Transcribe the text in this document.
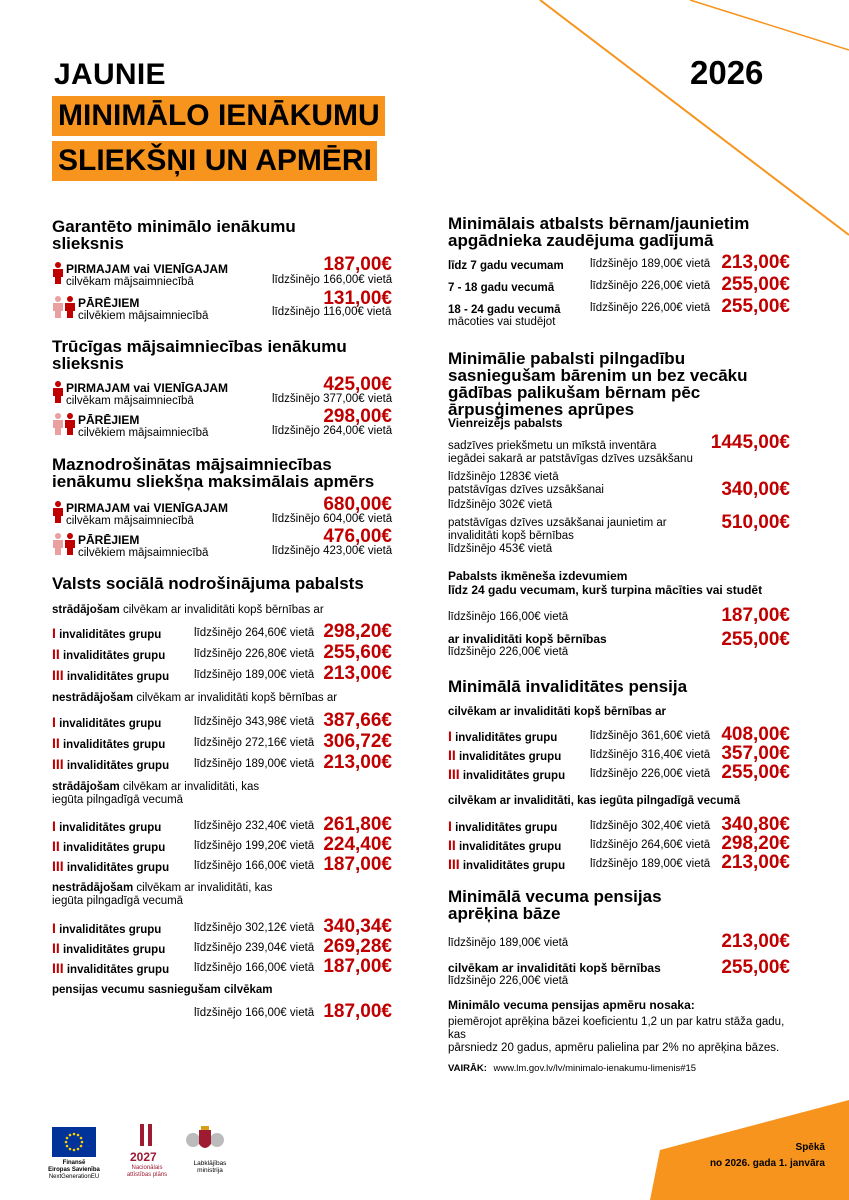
JAUNIE
MINIMĀLO IENĀKUMU
SLIEKŠŅI UN APMĒRI
2026
Garantēto minimālo ienākumu
slieksnis
PIRMAJAM vai VIENĪGAJAM
cilvēkam mājsaimniecībā
187,00€
līdzšinējo 166,00€ vietā
PĀRĒJIEM
cilvēkiem mājsaimniecībā
131,00€
līdzšinējo 116,00€ vietā
Trūcīgas mājsaimniecības ienākumu
slieksnis
PIRMAJAM vai VIENĪGAJAM
cilvēkam mājsaimniecībā
425,00€
līdzšinējo 377,00€ vietā
PĀRĒJIEM
cilvēkiem mājsaimniecībā
298,00€
līdzšinējo 264,00€ vietā
Maznodrošinātas mājsaimniecības
ienākumu sliekšņa maksimālais apmērs
PIRMAJAM vai VIENĪGAJAM
cilvēkam mājsaimniecībā
680,00€
līdzšinējo 604,00€ vietā
PĀRĒJIEM
cilvēkiem mājsaimniecībā
476,00€
līdzšinējo 423,00€ vietā
Valsts sociālā nodrošinājuma pabalsts
strādājošam cilvēkam ar invaliditāti kopš bērnības ar
I invaliditātes grupu	līdzšinējo 264,60€ vietā 298,20€
II invaliditātes grupu	līdzšinējo 226,80€ vietā 255,60€
III invaliditātes grupu līdzšinējo 189,00€ vietā 213,00€
nestrādājošam cilvēkam ar invaliditāti kopš bērnības ar
I invaliditātes grupu	līdzšinējo 343,98€ vietā 387,66€
II invaliditātes grupu	līdzšinējo 272,16€ vietā 306,72€
III invaliditātes grupu līdzšinējo 189,00€ vietā 213,00€
strādājošam cilvēkam ar invaliditāti, kas
iegūta pilngadīgā vecumā
I invaliditātes grupu	līdzšinējo 232,40€ vietā 261,80€
II invaliditātes grupu	līdzšinējo 199,20€ vietā 224,40€
III invaliditātes grupu līdzšinējo 166,00€ vietā 187,00€
nestrādājošam cilvēkam ar invaliditāti, kas
iegūta pilngadīgā vecumā
I invaliditātes grupu	līdzšinējo 302,12€ vietā 340,34€
II invaliditātes grupu	līdzšinējo 239,04€ vietā 269,28€
III invaliditātes grupu līdzšinējo 166,00€ vietā 187,00€
pensijas vecumu sasniegušam cilvēkam
līdzšinējo 166,00€ vietā 187,00€
Minimālais atbalsts bērnam/jaunietim
apgādnieka zaudējuma gadījumā
līdz 7 gadu vecumam līdzšinējo 189,00€ vietā 213,00€
7 - 18 gadu vecumā	līdzšinējo 226,00€ vietā 255,00€
18 - 24 gadu vecumā	līdzšinējo 226,00€ vietā 255,00€
mācoties vai studējot
Minimālie pabalsti pilngadību
sasniegušam bārenim un bez vecāku
gādības palikušam bērnam pēc
ārpusģimenes aprūpes
Vienreizējs pabalsts
sadzīves priekšmetu un mīkstā inventāra
iegādei sakarā ar patstāvīgas dzīves uzsākšanu
līdzšinējo 1283€ vietā
1445,00€
patstāvīgas dzīves uzsākšanai
līdzšinējo 302€ vietā
340,00€
patstāvīgas dzīves uzsākšanai jaunietim ar
invaliditāti kopš bērnības
līdzšinējo 453€ vietā
510,00€
Pabalsts ikmēneša izdevumiem
līdz 24 gadu vecumam, kurš turpina mācīties vai studēt
līdzšinējo 166,00€ vietā	187,00€
ar invaliditāti kopš bērnības
līdzšinējo 226,00€ vietā
255,00€
Minimālā invaliditātes pensija
cilvēkam ar invaliditāti kopš bērnības ar
I invaliditātes grupu	līdzšinējo 361,60€ vietā 408,00€
II invaliditātes grupu	līdzšinējo 316,40€ vietā 357,00€
III invaliditātes grupu līdzšinējo 226,00€ vietā 255,00€
cilvēkam ar invaliditāti, kas iegūta pilngadīgā vecumā
I invaliditātes grupu	līdzšinējo 302,40€ vietā 340,80€
II invaliditātes grupu	līdzšinējo 264,60€ vietā 298,20€
III invaliditātes grupu līdzšinējo 189,00€ vietā 213,00€
Minimālā vecuma pensijas
aprēķina bāze
līdzšinējo 189,00€ vietā	213,00€
cilvēkam ar invaliditāti kopš bērnības
līdzšinējo 226,00€ vietā
255,00€
Minimālo vecuma pensijas apmēru nosaka:
piemērojot aprēķina bāzei koeficientu 1,2 un par katru stāža gadu, kas
pārsniedz 20 gadus, apmēru palielina par 2% no aprēķina bāzes.
VAIRĀK: www.lm.gov.lv/lv/minimalo-ienakumu-limenis#15
Spēkā
no 2026. gada 1. janvāra
Finansē
Eiropas Savienība
NextGenerationEU
2027
Nacionālais
attīstības plāns
Labklājības ministrija
